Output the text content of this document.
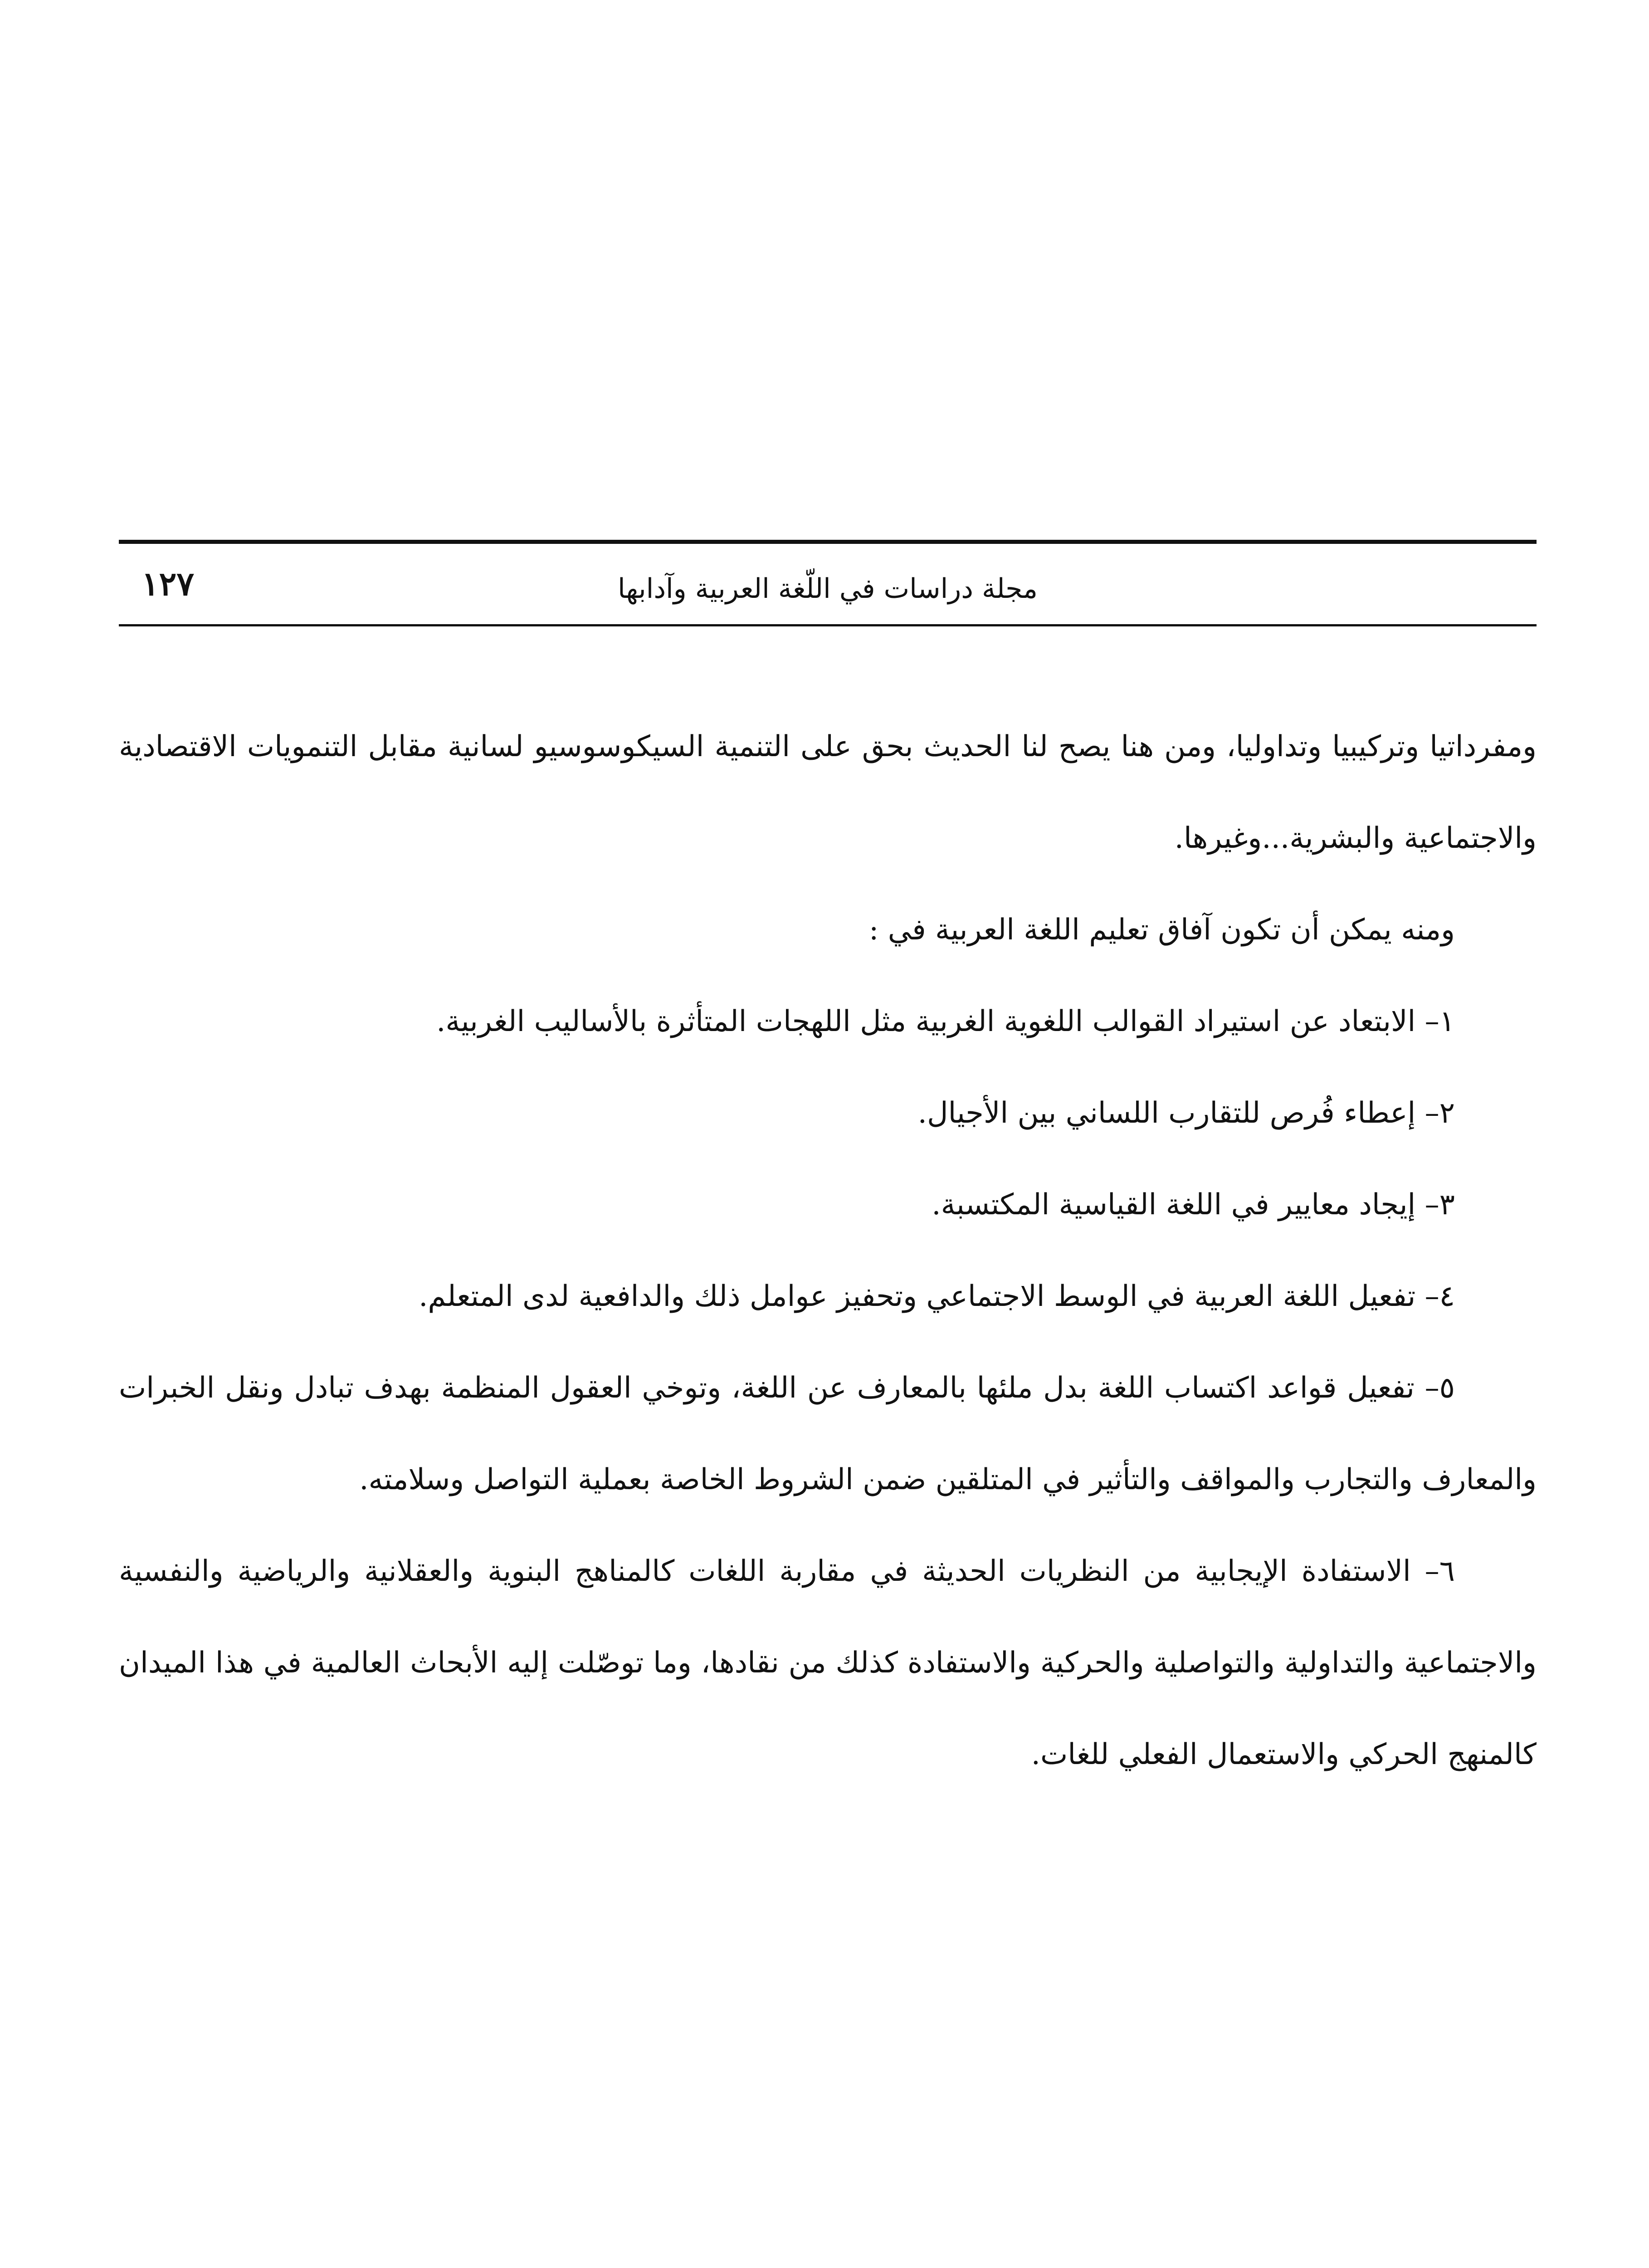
مجلة دراسات في اللّغة العربية وآدابها
١٢٧

ومفرداتيا وتركيبيا وتداوليا، ومن هنا يصح لنا الحديث بحق على التنمية السيكوسوسيو لسانية مقابل التنمويات الاقتصادية والاجتماعية والبشرية...وغيرها.

ومنه يمكن أن تكون آفاق تعليم اللغة العربية في :

١– الابتعاد عن استيراد القوالب اللغوية الغربية مثل اللهجات المتأثرة بالأساليب الغربية.

٢– إعطاء فُرص للتقارب اللساني بين الأجيال.

٣– إيجاد معايير في اللغة القياسية المكتسبة.

٤– تفعيل اللغة العربية في الوسط الاجتماعي وتحفيز عوامل ذلك والدافعية لدى المتعلم.

٥– تفعيل قواعد اكتساب اللغة بدل ملئها بالمعارف عن اللغة، وتوخي العقول المنظمة بهدف تبادل ونقل الخبرات والمعارف والتجارب والمواقف والتأثير في المتلقين ضمن الشروط الخاصة بعملية التواصل وسلامته.

٦– الاستفادة الإيجابية من النظريات الحديثة في مقاربة اللغات كالمناهج البنوية والعقلانية والرياضية والنفسية والاجتماعية والتداولية والتواصلية والحركية والاستفادة كذلك من نقادها، وما توصّلت إليه الأبحاث العالمية في هذا الميدان كالمنهج الحركي والاستعمال الفعلي للغات.
